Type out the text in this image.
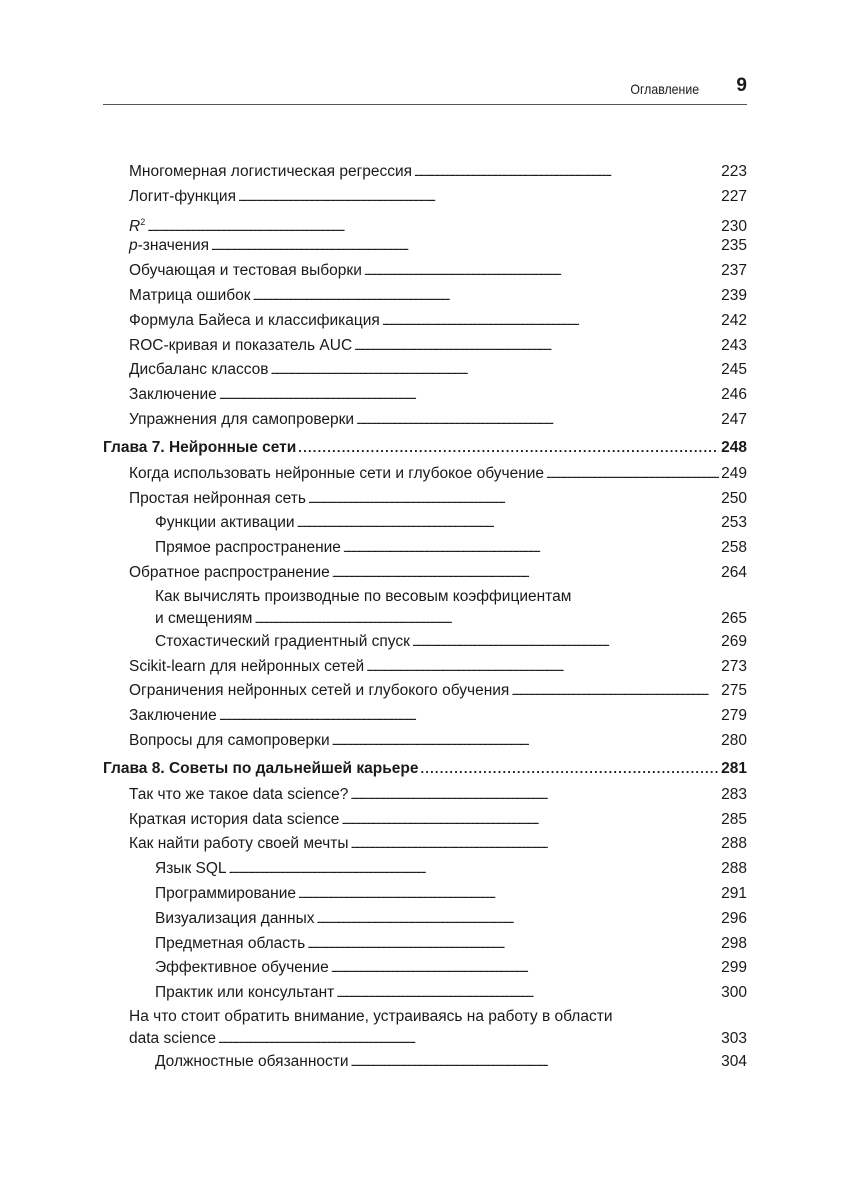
Оглавление 9
Многомерная логистическая регрессия . . .	223
Логит-функция . . .	227
$R^2$ . . .	230
p-значения . . .	235
Обучающая и тестовая выборки . . .	237
Матрица ошибок . . .	239
Формула Байеса и классификация . . .	242
ROC-кривая и показатель AUC . . .	243
Дисбаланс классов . . .	245
Заключение . . .	246
Упражнения для самопроверки . . .	247
Глава 7. Нейронные сети . . .	248
Когда использовать нейронные сети и глубокое обучение . . .	249
Простая нейронная сеть . . .	250
Функции активации . . .	253
Прямое распространение . . .	258
Обратное распространение . . .	264
Как вычислять производные по весовым коэффициентам
и смещениям . . .	265
Стохастический градиентный спуск . . .	269
Scikit-learn для нейронных сетей . . .	273
Ограничения нейронных сетей и глубокого обучения . . .	275
Заключение . . .	279
Вопросы для самопроверки . . .	280
Глава 8. Советы по дальнейшей карьере . . .	281
Так что же такое data science? . . .	283
Краткая история data science . . .	285
Как найти работу своей мечты . . .	288
Язык SQL . . .	288
Программирование . . .	291
Визуализация данных . . .	296
Предметная область . . .	298
Эффективное обучение . . .	299
Практик или консультант . . .	300
На что стоит обратить внимание, устраиваясь на работу в области
data science . . .	303
Должностные обязанности . . .	304
